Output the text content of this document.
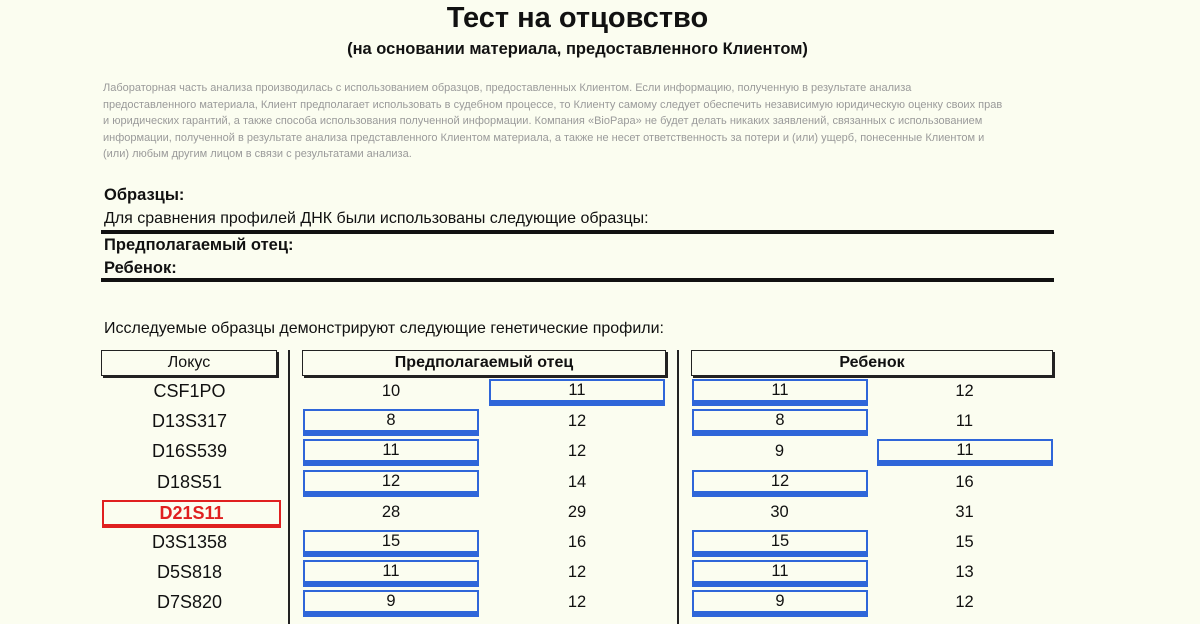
Тест на отцовство
(на основании материала, предоставленного Клиентом)
Лабораторная часть анализа производилась с использованием образцов, предоставленных Клиентом. Если информацию, полученную в результате анализа
предоставленного материала, Клиент предполагает использовать в судебном процессе, то Клиенту самому следует обеспечить независимую юридическую оценку своих прав
и юридических гарантий, а также способа использования полученной информации. Компания «BioPapa» не будет делать никаких заявлений, связанных с использованием
информации, полученной в результате анализа представленного Клиентом материала, а также не несет ответственность за потери и (или) ущерб, понесенные Клиентом и
(или) любым другим лицом в связи с результатами анализа.
Образцы:
Для сравнения профилей ДНК были использованы следующие образцы:
Предполагаемый отец:
Ребенок:
Исследуемые образцы демонстрируют следующие генетические профили:
Локус	Предполагаемый отец	Ребенок
CSF1PO	10	11	11	12
D13S317	8	12	8	11
D16S539	11	12	9	11
D18S51	12	14	12	16
D21S11	28	29	30	31
D3S1358	15	16	15	15
D5S818	11	12	11	13
D7S820	9	12	9	12
